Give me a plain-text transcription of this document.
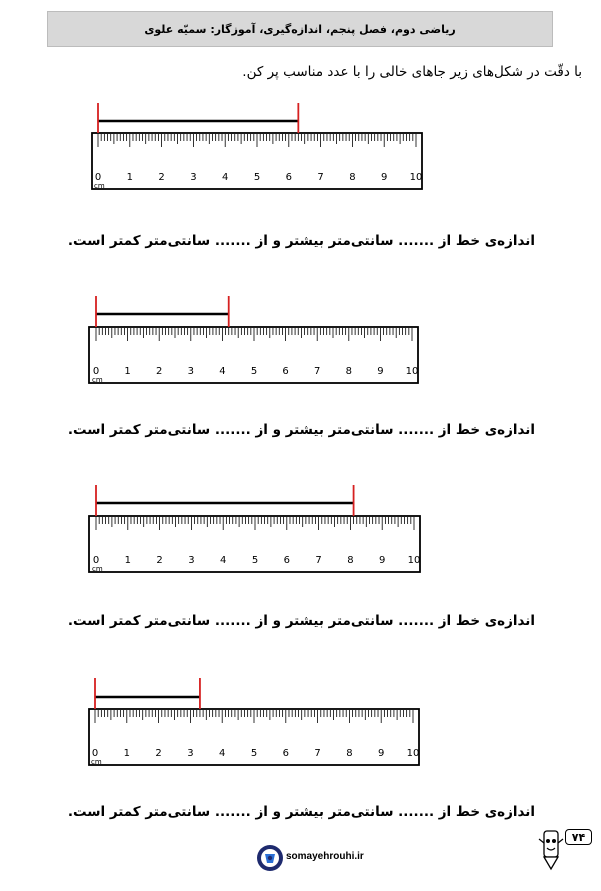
ریاضی دوم، فصل پنجم، اندازه‌گیری، آموزگار: سمیّه علوی
با دقّت در شکل‌های زیر جاهای خالی را با عدد مناسب پر کن.
0	1	2	3	4	5	6	7	8	9 10
cm
0	1	2	3	4	5	6	7	8	9 10
cm
0	1	2	3	4	5	6	7	8	9 10
cm
0	1	2	3	4	5	6	7	8	9 10
cm
اندازه‌ی خط از ....... سانتی‌متر بیشتر و از ....... سانتی‌متر کمتر است.
اندازه‌ی خط از ....... سانتی‌متر بیشتر و از ....... سانتی‌متر کمتر است.
اندازه‌ی خط از ....... سانتی‌متر بیشتر و از ....... سانتی‌متر کمتر است.
اندازه‌ی خط از ....... سانتی‌متر بیشتر و از ....... سانتی‌متر کمتر است.
۷۴
somayehrouhi.ir
